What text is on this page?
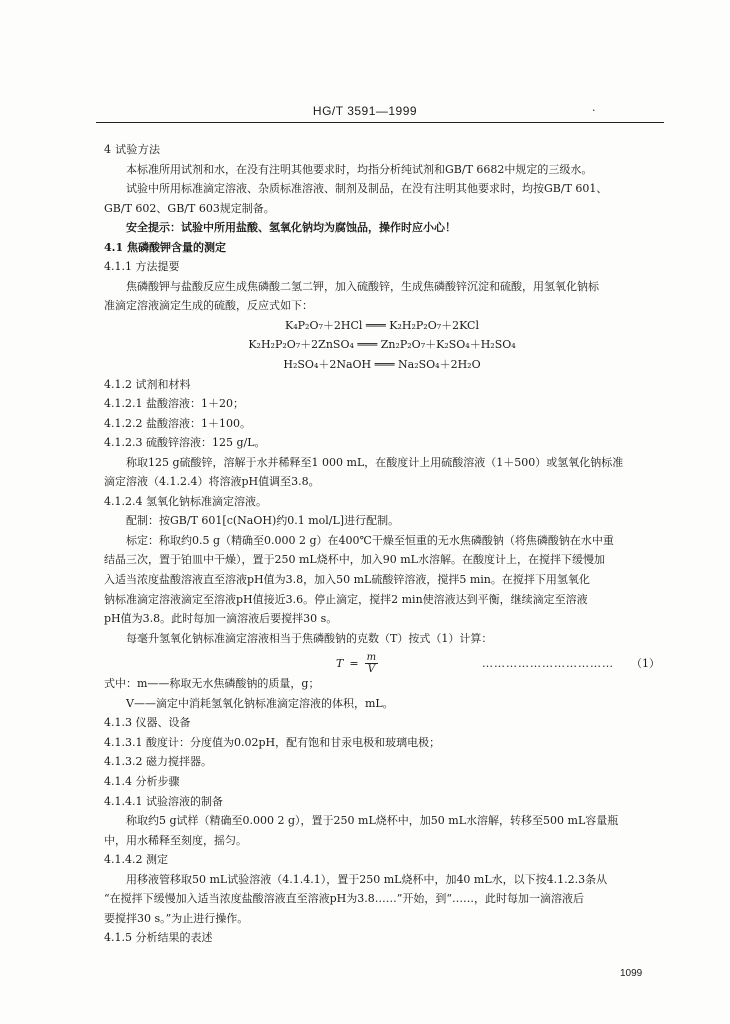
HG/T 3591—1999	·
4 试验方法
本标准所用试剂和水，在没有注明其他要求时，均指分析纯试剂和GB/T 6682中规定的三级水。
试验中所用标准滴定溶液、杂质标准溶液、制剂及制品，在没有注明其他要求时，均按GB/T 601、
GB/T 602、GB/T 603规定制备。
安全提示：试验中所用盐酸、氢氧化钠均为腐蚀品，操作时应小心！
4.1 焦磷酸钾含量的测定
4.1.1 方法提要
焦磷酸钾与盐酸反应生成焦磷酸二氢二钾，加入硫酸锌，生成焦磷酸锌沉淀和硫酸，用氢氧化钠标
准滴定溶液滴定生成的硫酸，反应式如下：
K₄P₂O₇＋2HCl ═══ K₂H₂P₂O₇＋2KCl
K₂H₂P₂O₇＋2ZnSO₄ ═══ Zn₂P₂O₇＋K₂SO₄＋H₂SO₄
H₂SO₄＋2NaOH ═══ Na₂SO₄＋2H₂O
4.1.2 试剂和材料
4.1.2.1 盐酸溶液：1＋20；
4.1.2.2 盐酸溶液：1＋100。
4.1.2.3 硫酸锌溶液：125 g/L。
称取125 g硫酸锌，溶解于水并稀释至1 000 mL，在酸度计上用硫酸溶液（1＋500）或氢氧化钠标准
滴定溶液（4.1.2.4）将溶液pH值调至3.8。
4.1.2.4 氢氧化钠标准滴定溶液。
配制：按GB/T 601[c(NaOH)约0.1 mol/L]进行配制。
标定：称取约0.5 g（精确至0.000 2 g）在400℃干燥至恒重的无水焦磷酸钠（将焦磷酸钠在水中重
结晶三次，置于铂皿中干燥），置于250 mL烧杯中，加入90 mL水溶解。在酸度计上，在搅拌下缓慢加
入适当浓度盐酸溶液直至溶液pH值为3.8，加入50 mL硫酸锌溶液，搅拌5 min。在搅拌下用氢氧化
钠标准滴定溶液滴定至溶液pH值接近3.6。停止滴定，搅拌2 min使溶液达到平衡，继续滴定至溶液
pH值为3.8。此时每加一滴溶液后要搅拌30 s。
每毫升氢氧化钠标准滴定溶液相当于焦磷酸钠的克数（T）按式（1）计算：
$T = \frac{m}{V}$	…………………………… （1）
式中：m——称取无水焦磷酸钠的质量，g；
V——滴定中消耗氢氧化钠标准滴定溶液的体积，mL。
4.1.3 仪器、设备
4.1.3.1 酸度计：分度值为0.02pH，配有饱和甘汞电极和玻璃电极；
4.1.3.2 磁力搅拌器。
4.1.4 分析步骤
4.1.4.1 试验溶液的制备
称取约5 g试样（精确至0.000 2 g），置于250 mL烧杯中，加50 mL水溶解，转移至500 mL容量瓶
中，用水稀释至刻度，摇匀。
4.1.4.2 测定
用移液管移取50 mL试验溶液（4.1.4.1），置于250 mL烧杯中，加40 mL水，以下按4.1.2.3条从
“在搅拌下缓慢加入适当浓度盐酸溶液直至溶液pH为3.8……”开始，到“……，此时每加一滴溶液后
要搅拌30 s。”为止进行操作。
4.1.5 分析结果的表述
1099
